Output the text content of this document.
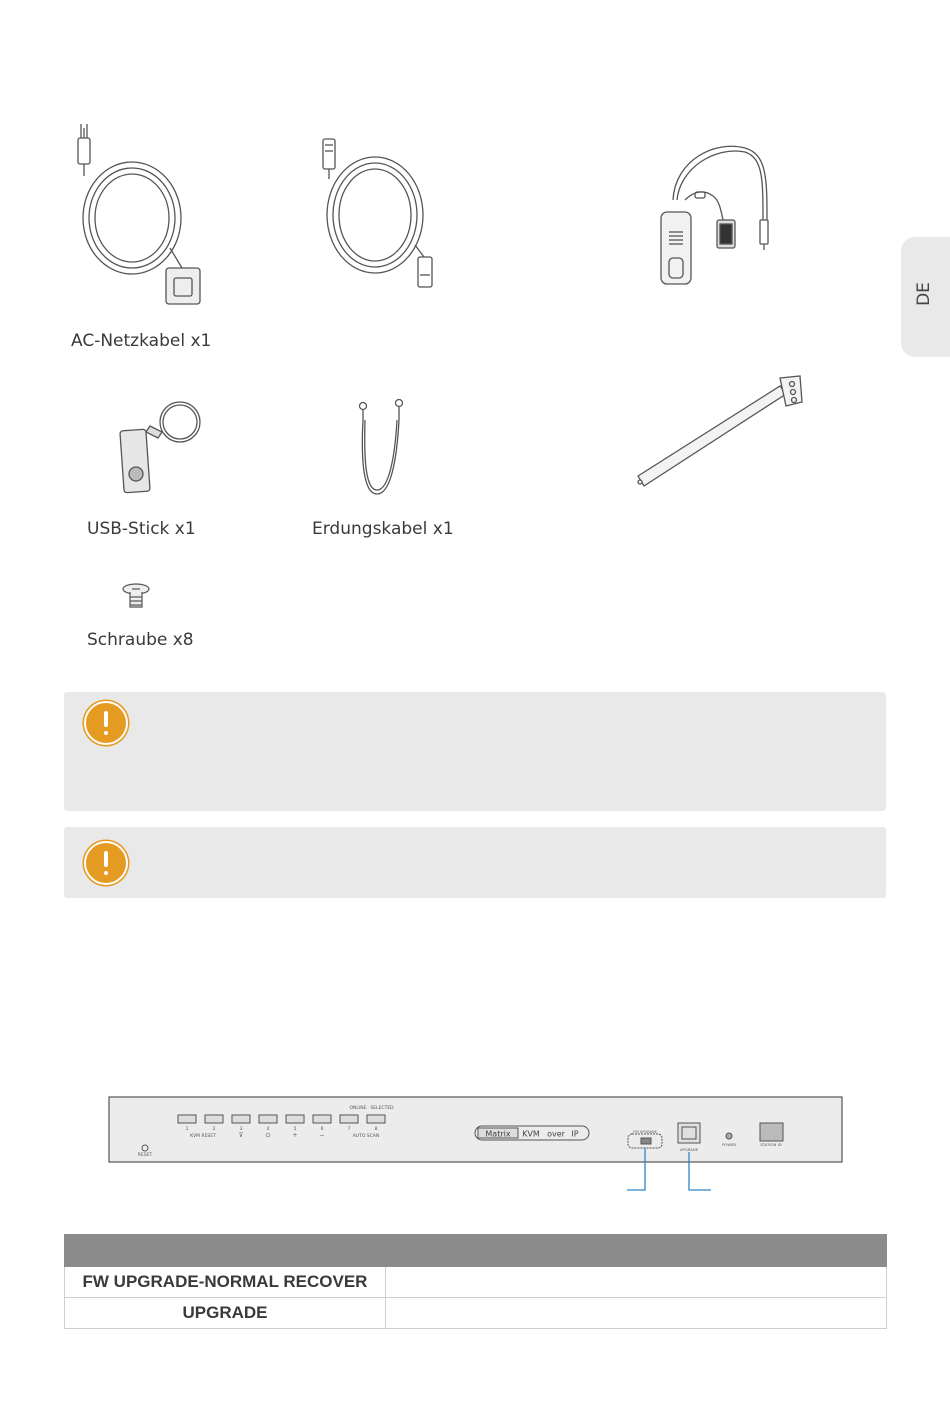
DE
AC-Netzkabel x1
USB-Stick x1	Erdungskabel x1
Schraube x8
RESET
1	2	3	4	5	6	7	8
ONLINE SELECTED
KVM RESET	AUTO SCAN
⊽	⏻	+	−	Matrix KVM over IP	FW UPGRADE
UPGRADE
POWER	STATION ID

FW UPGRADE-NORMAL RECOVER	
UPGRADE	
